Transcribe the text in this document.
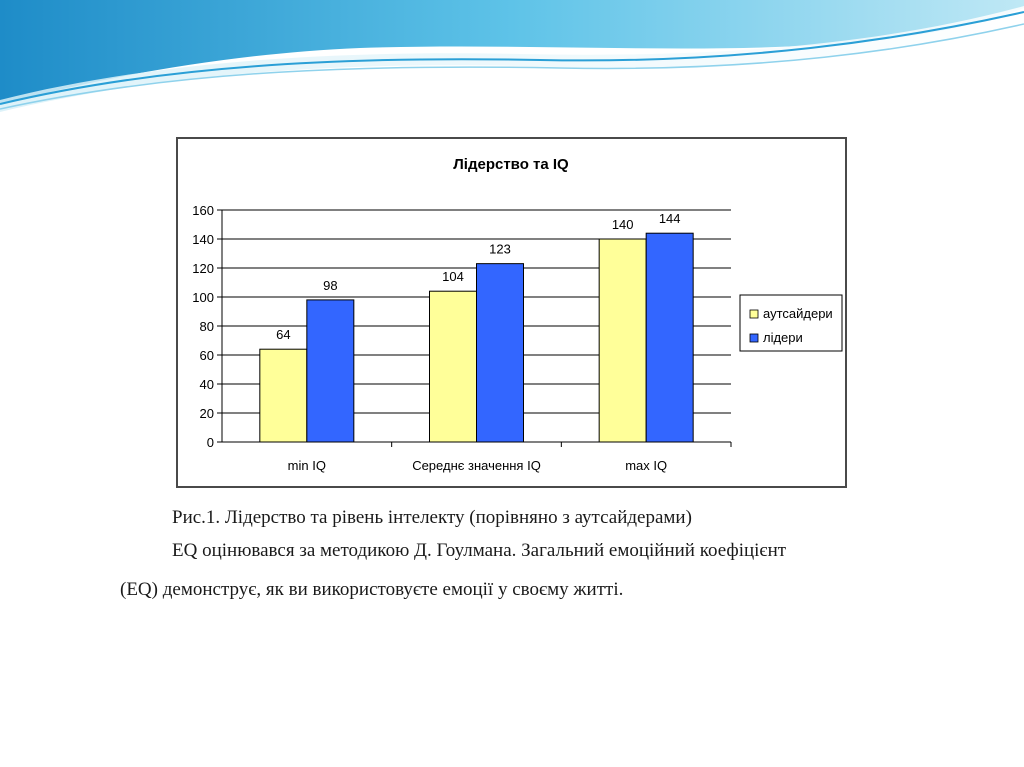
Лідерство та IQ
0
20
40
60
80
100
120
140
160
64
98
104
123
140 144
min IQ	Середнє значення IQ	max IQ
аутсайдери
лідери
Рис.1. Лідерство та рівень інтелекту (порівняно з аутсайдерами)
EQ оцінювався за методикою Д. Гоулмана. Загальний емоційний коефіцієнт
(EQ) демонструє, як ви використовуєте емоції у своєму житті.
